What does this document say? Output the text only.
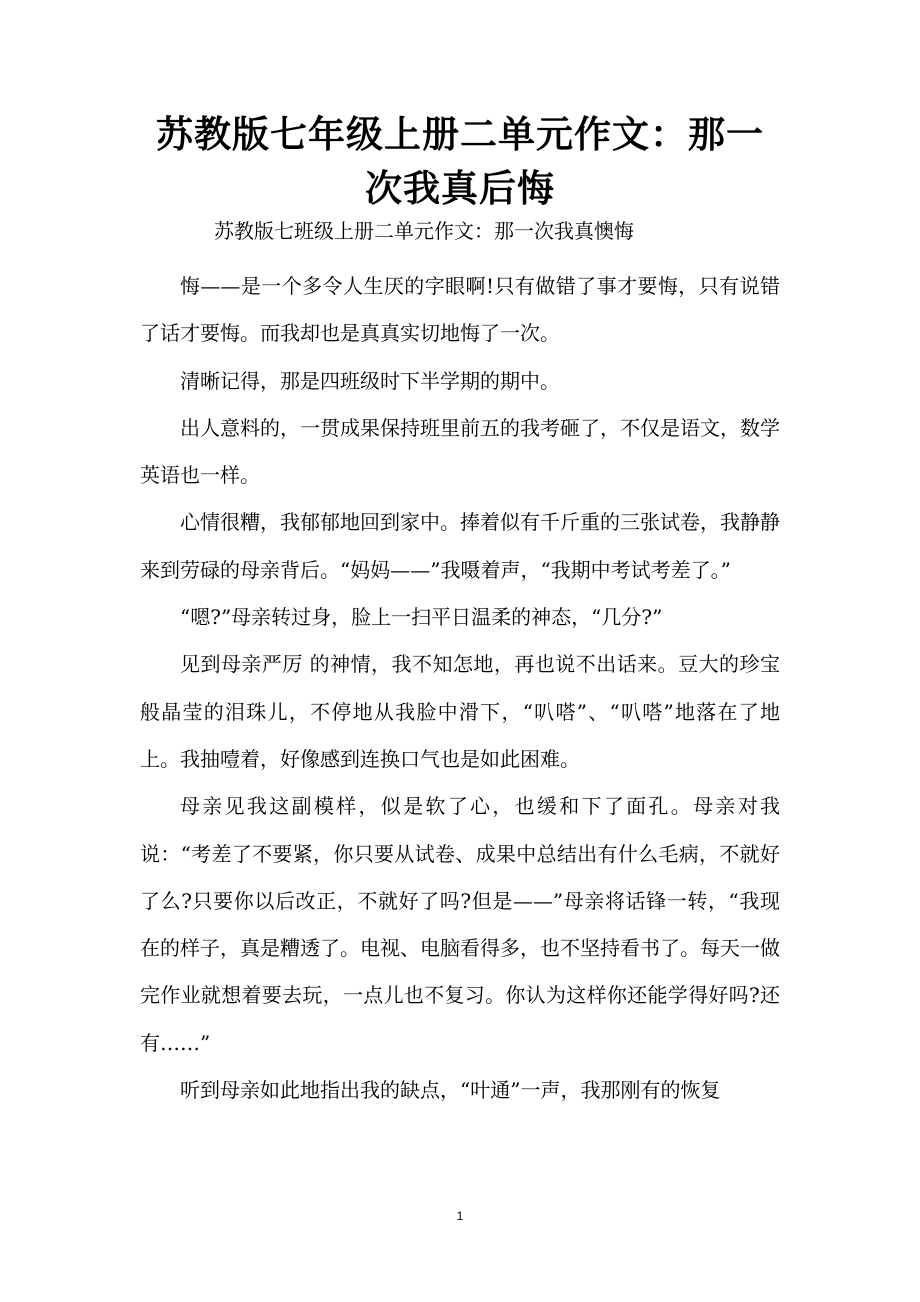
苏教版七年级上册二单元作文：那一次我真后悔

苏教版七班级上册二单元作文：那一次我真懊悔

悔——是一个多令人生厌的字眼啊!只有做错了事才要悔，只有说错了话才要悔。而我却也是真真实切地悔了一次。

清晰记得，那是四班级时下半学期的期中。

出人意料的，一贯成果保持班里前五的我考砸了，不仅是语文，数学英语也一样。

心情很糟，我郁郁地回到家中。捧着似有千斤重的三张试卷，我静静来到劳碌的母亲背后。“妈妈——”我嗫着声，“我期中考试考差了。”

“嗯?”母亲转过身，脸上一扫平日温柔的神态，“几分?”

见到母亲严厉 的神情，我不知怎地，再也说不出话来。豆大的珍宝般晶莹的泪珠儿，不停地从我脸中滑下，“叭嗒”、“叭嗒”地落在了地上。我抽噎着，好像感到连换口气也是如此困难。

母亲见我这副模样，似是软了心，也缓和下了面孔。母亲对我说：“考差了不要紧，你只要从试卷、成果中总结出有什么毛病，不就好了么?只要你以后改正，不就好了吗?但是——”母亲将话锋一转，“我现在的样子，真是糟透了。电视、电脑看得多，也不坚持看书了。每天一做完作业就想着要去玩，一点儿也不复习。你认为这样你还能学得好吗?还有……”

听到母亲如此地指出我的缺点，“叶通”一声，我那刚有的恢复

1
